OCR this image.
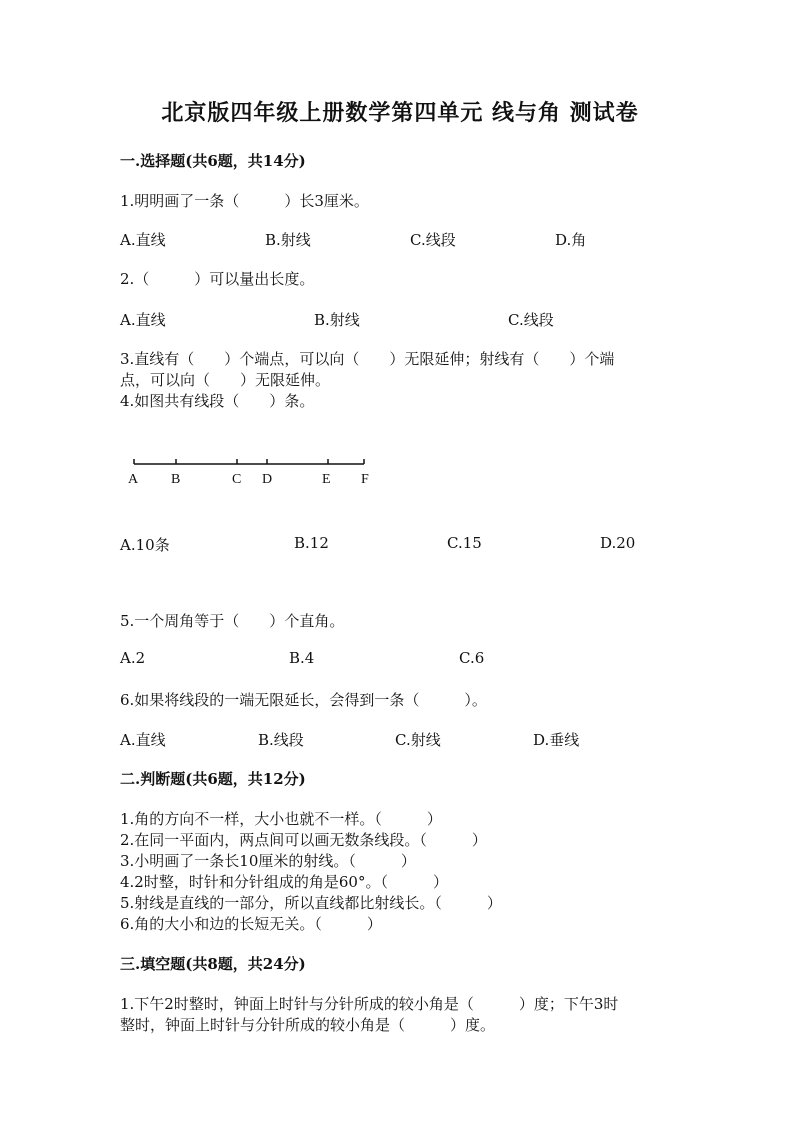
北京版四年级上册数学第四单元 线与角 测试卷
一.选择题(共6题，共14分)
1.明明画了一条（　　　）长3厘米。
A.直线	B.射线	C.线段	D.角
2.（　　　）可以量出长度。
A.直线	B.射线	C.线段
3.直线有（　　）个端点，可以向（　　）无限延伸；射线有（　　）个端
点，可以向（　　）无限延伸。
4.如图共有线段（　　）条。
A B	C D	E F
A.10条	B.12	C.15	D.20
5.一个周角等于（　　）个直角。
A.2	B.4	C.6
6.如果将线段的一端无限延长，会得到一条（　　　）。
A.直线	B.线段	C.射线	D.垂线
二.判断题(共6题，共12分)
1.角的方向不一样，大小也就不一样。（　　　）
2.在同一平面内，两点间可以画无数条线段。（　　　）
3.小明画了一条长10厘米的射线。（　　　）
4.2时整，时针和分针组成的角是60°。（　　　）
5.射线是直线的一部分，所以直线都比射线长。（　　　）
6.角的大小和边的长短无关。（　　　）
三.填空题(共8题，共24分)
1.下午2时整时，钟面上时针与分针所成的较小角是（　　　）度；下午3时
整时，钟面上时针与分针所成的较小角是（　　　）度。
